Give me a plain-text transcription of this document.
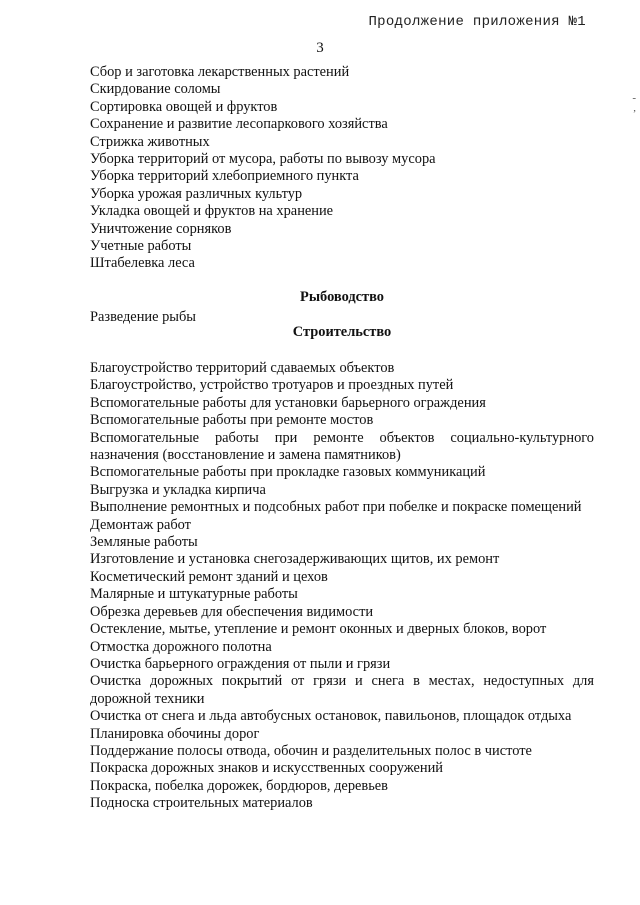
Продолжение приложения №1
3
Сбор и заготовка лекарственных растений
Скирдование соломы
Сортировка овощей и фруктов
Сохранение и развитие лесопаркового хозяйства
Стрижка животных
Уборка территорий от мусора, работы по вывозу мусора
Уборка территорий хлебоприемного пункта
Уборка урожая различных культур
Укладка овощей и фруктов на хранение
Уничтожение сорняков
Учетные работы
Штабелевка леса
Рыбоводство
Разведение рыбы
Строительство
Благоустройство территорий сдаваемых объектов
Благоустройство, устройство тротуаров и проездных путей
Вспомогательные работы для установки барьерного ограждения
Вспомогательные работы при ремонте мостов
Вспомогательные работы при ремонте объектов социально-культурного назначения (восстановление и замена памятников)
Вспомогательные работы при прокладке газовых коммуникаций
Выгрузка и укладка кирпича
Выполнение ремонтных и подсобных работ при побелке и покраске помещений
Демонтаж работ
Земляные работы
Изготовление и установка снегозадерживающих щитов, их ремонт
Косметический ремонт зданий и цехов
Малярные и штукатурные работы
Обрезка деревьев для обеспечения видимости
Остекление, мытье, утепление и ремонт оконных и дверных блоков, ворот
Отмостка дорожного полотна
Очистка барьерного ограждения от пыли и грязи
Очистка дорожных покрытий от грязи и снега в местах, недоступных для дорожной техники
Очистка от снега и льда автобусных остановок, павильонов, площадок отдыха
Планировка обочины дорог
Поддержание полосы отвода, обочин и разделительных полос в чистоте
Покраска дорожных знаков и искусственных сооружений
Покраска, побелка дорожек, бордюров, деревьев
Подноска строительных материалов
-
,
